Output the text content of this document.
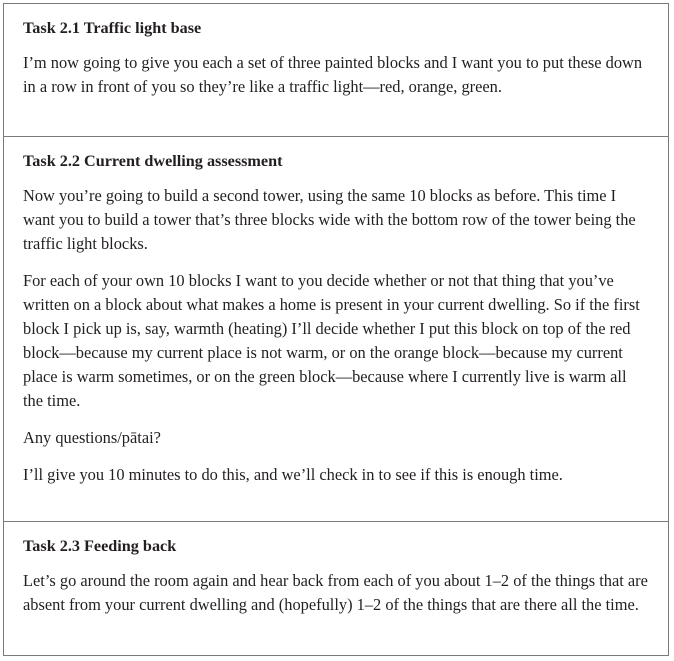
Task 2.1 Traffic light base

I’m now going to give you each a set of three painted blocks and I want you to put these down in a row in front of you so they’re like a traffic light—red, orange, green.

Task 2.2 Current dwelling assessment

Now you’re going to build a second tower, using the same 10 blocks as before. This time I want you to build a tower that’s three blocks wide with the bottom row of the tower being the traffic light blocks.

For each of your own 10 blocks I want to you decide whether or not that thing that you’ve written on a block about what makes a home is present in your current dwelling. So if the first block I pick up is, say, warmth (heating) I’ll decide whether I put this block on top of the red block—because my current place is not warm, or on the orange block—because my current place is warm sometimes, or on the green block—because where I currently live is warm all the time.

Any questions/pātai?

I’ll give you 10 minutes to do this, and we’ll check in to see if this is enough time.

Task 2.3 Feeding back

Let’s go around the room again and hear back from each of you about 1–2 of the things that are absent from your current dwelling and (hopefully) 1–2 of the things that are there all the time.
